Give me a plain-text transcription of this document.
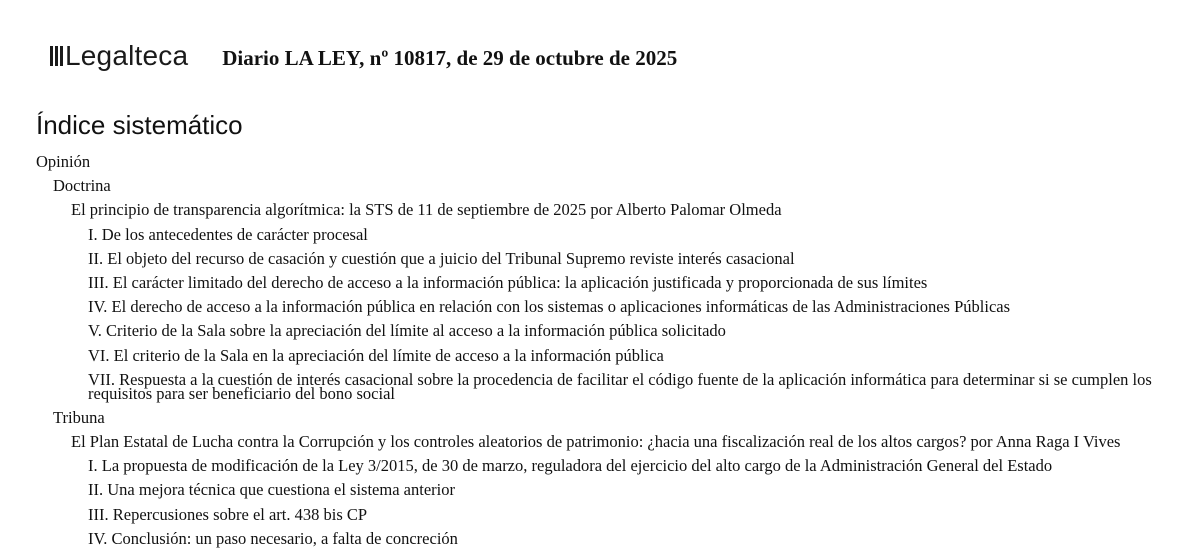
Legalteca Diario LA LEY, nº 10817, de 29 de octubre de 2025
Índice sistemático
Opinión
Doctrina
El principio de transparencia algorítmica: la STS de 11 de septiembre de 2025 por Alberto Palomar Olmeda
I. De los antecedentes de carácter procesal
II. El objeto del recurso de casación y cuestión que a juicio del Tribunal Supremo reviste interés casacional
III. El carácter limitado del derecho de acceso a la información pública: la aplicación justificada y proporcionada de sus límites
IV. El derecho de acceso a la información pública en relación con los sistemas o aplicaciones informáticas de las Administraciones Públicas
V. Criterio de la Sala sobre la apreciación del límite al acceso a la información pública solicitado
VI. El criterio de la Sala en la apreciación del límite de acceso a la información pública
VII. Respuesta a la cuestión de interés casacional sobre la procedencia de facilitar el código fuente de la aplicación informática para determinar si se cumplen los requisitos para ser beneficiario del bono social
Tribuna
El Plan Estatal de Lucha contra la Corrupción y los controles aleatorios de patrimonio: ¿hacia una fiscalización real de los altos cargos? por Anna Raga I Vives
I. La propuesta de modificación de la Ley 3/2015, de 30 de marzo, reguladora del ejercicio del alto cargo de la Administración General del Estado
II. Una mejora técnica que cuestiona el sistema anterior
III. Repercusiones sobre el art. 438 bis CP
IV. Conclusión: un paso necesario, a falta de concreción
